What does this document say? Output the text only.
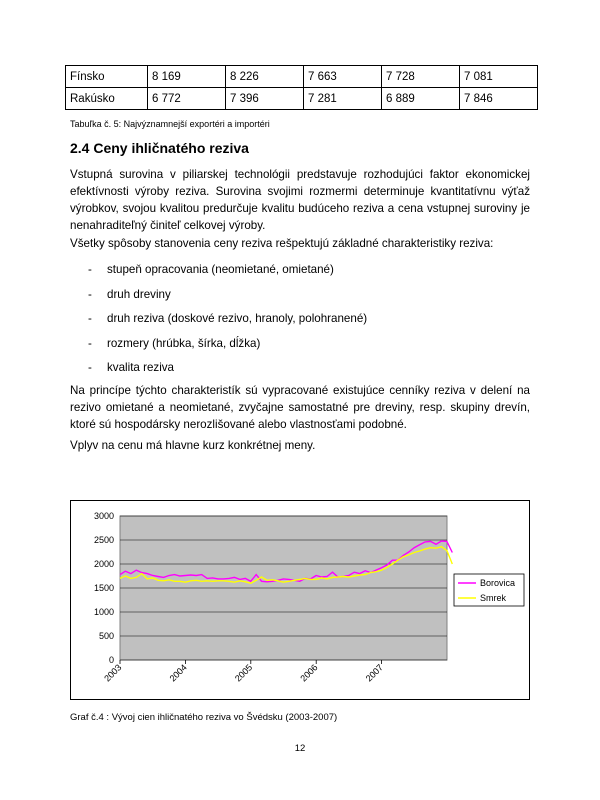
Fínsko	8 169	8 226	7 663	7 728	7 081
Rakúsko	6 772	7 396	7 281	6 889	7 846
Tabuľka č. 5: Najvýznamnejší exportéri a importéri
2.4 Ceny ihličnatého reziva

Vstupná surovina v piliarskej technológii predstavuje rozhodujúci faktor ekonomickej efektívnosti výroby reziva. Surovina svojimi rozmermi determinuje kvantitatívnu výťaž výrobkov, svojou kvalitou predurčuje kvalitu budúceho reziva a cena vstupnej suroviny je nenahraditeľný činiteľ celkovej výroby.

Všetky spôsoby stanovenia ceny reziva rešpektujú základné charakteristiky reziva:

- stupeň opracovania (neomietané, omietané)
- druh dreviny
- druh reziva (doskové rezivo, hranoly, polohranené)
- rozmery (hrúbka, šírka, dĺžka)
- kvalita reziva

Na princípe týchto charakteristík sú vypracované existujúce cenníky reziva v delení na rezivo omietané a neomietané, zvyčajne samostatné pre dreviny, resp. skupiny drevín, ktoré sú hospodársky nerozlišované alebo vlastnosťami podobné.

Vplyv na cenu má hlavne kurz konkrétnej meny.

0
500
1000
1500
2000
2500
3000
2003	2004	2005	2006	2007
Borovica
Smrek
Graf č.4 : Vývoj cien ihličnatého reziva vo Švédsku (2003-2007)
12
